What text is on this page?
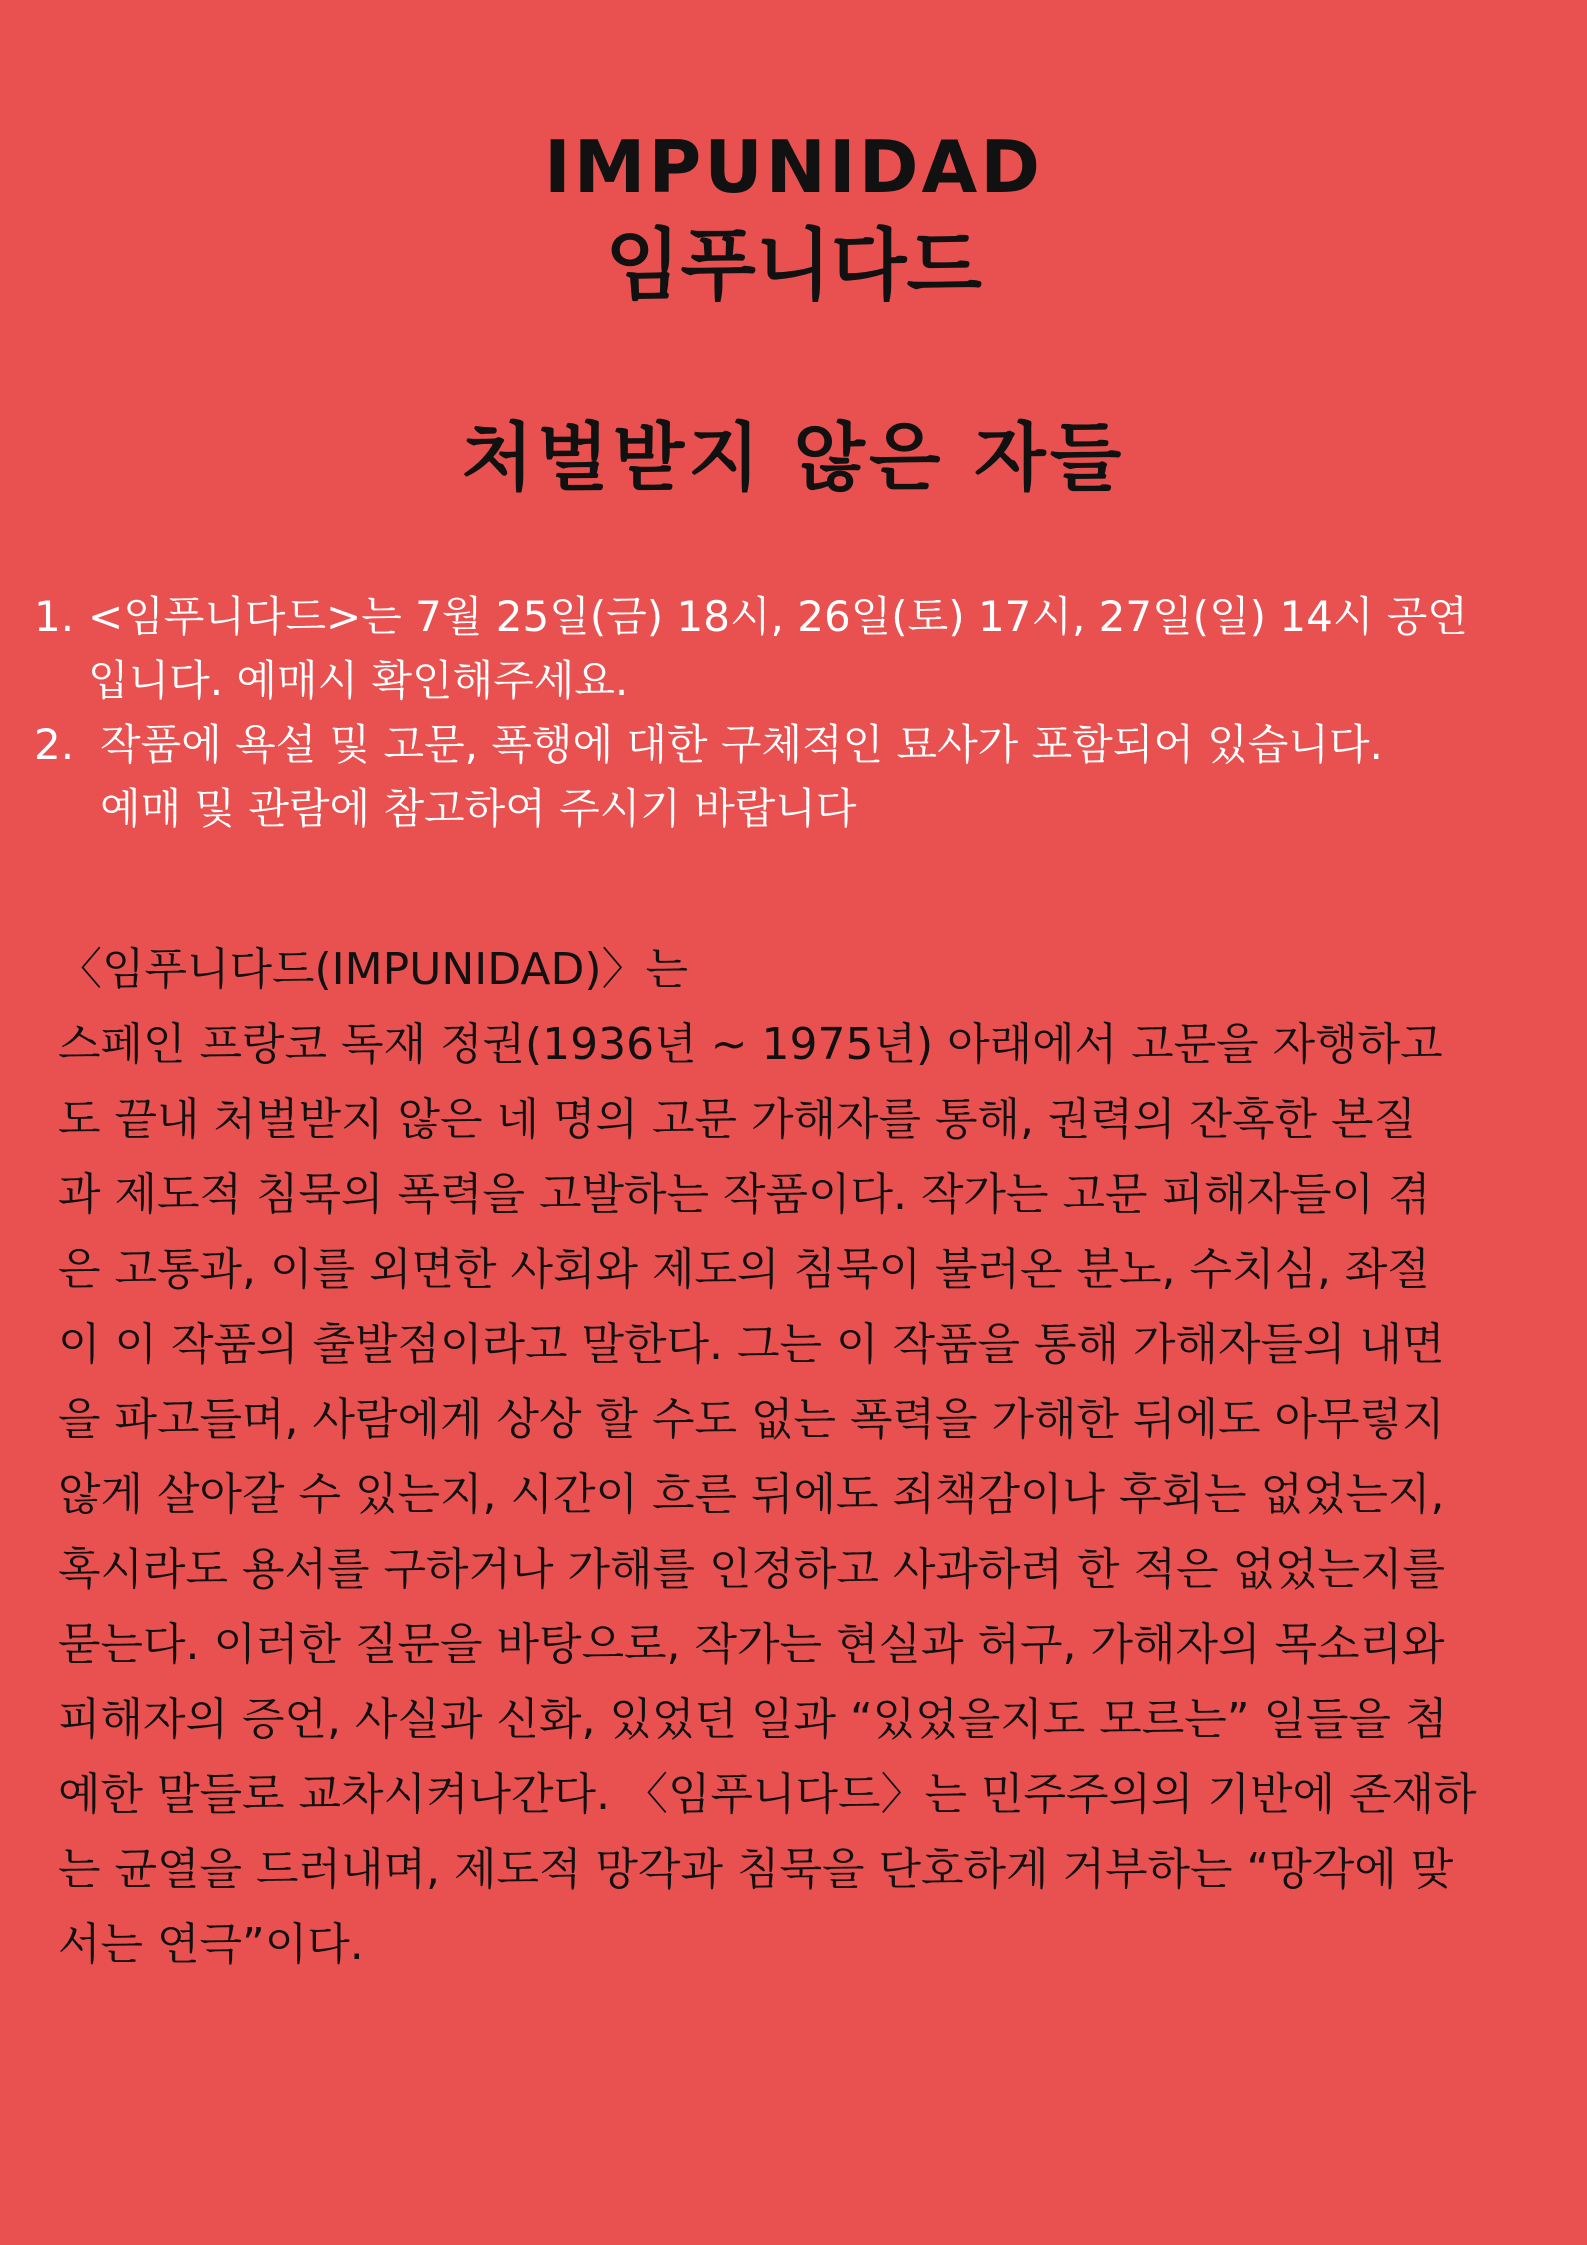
IMPUNIDAD
임푸니다드
처벌받지 않은 자들
1. <임푸니다드>는 7월 25일(금) 18시, 26일(토) 17시, 27일(일) 14시 공연
입니다. 예매시 확인해주세요.
2. 작품에 욕설 및 고문, 폭행에 대한 구체적인 묘사가 포함되어 있습니다.
예매 및 관람에 참고하여 주시기 바랍니다
〈임푸니다드(IMPUNIDAD)〉는
스페인 프랑코 독재 정권(1936년 ~ 1975년) 아래에서 고문을 자행하고
도 끝내 처벌받지 않은 네 명의 고문 가해자를 통해, 권력의 잔혹한 본질
과 제도적 침묵의 폭력을 고발하는 작품이다. 작가는 고문 피해자들이 겪
은 고통과, 이를 외면한 사회와 제도의 침묵이 불러온 분노, 수치심, 좌절
이 이 작품의 출발점이라고 말한다. 그는 이 작품을 통해 가해자들의 내면
을 파고들며, 사람에게 상상 할 수도 없는 폭력을 가해한 뒤에도 아무렇지
않게 살아갈 수 있는지, 시간이 흐른 뒤에도 죄책감이나 후회는 없었는지,
혹시라도 용서를 구하거나 가해를 인정하고 사과하려 한 적은 없었는지를
묻는다. 이러한 질문을 바탕으로, 작가는 현실과 허구, 가해자의 목소리와
피해자의 증언, 사실과 신화, 있었던 일과 “있었을지도 모르는” 일들을 첨
예한 말들로 교차시켜나간다. 〈임푸니다드〉는 민주주의의 기반에 존재하
는 균열을 드러내며, 제도적 망각과 침묵을 단호하게 거부하는 “망각에 맞
서는 연극”이다.
